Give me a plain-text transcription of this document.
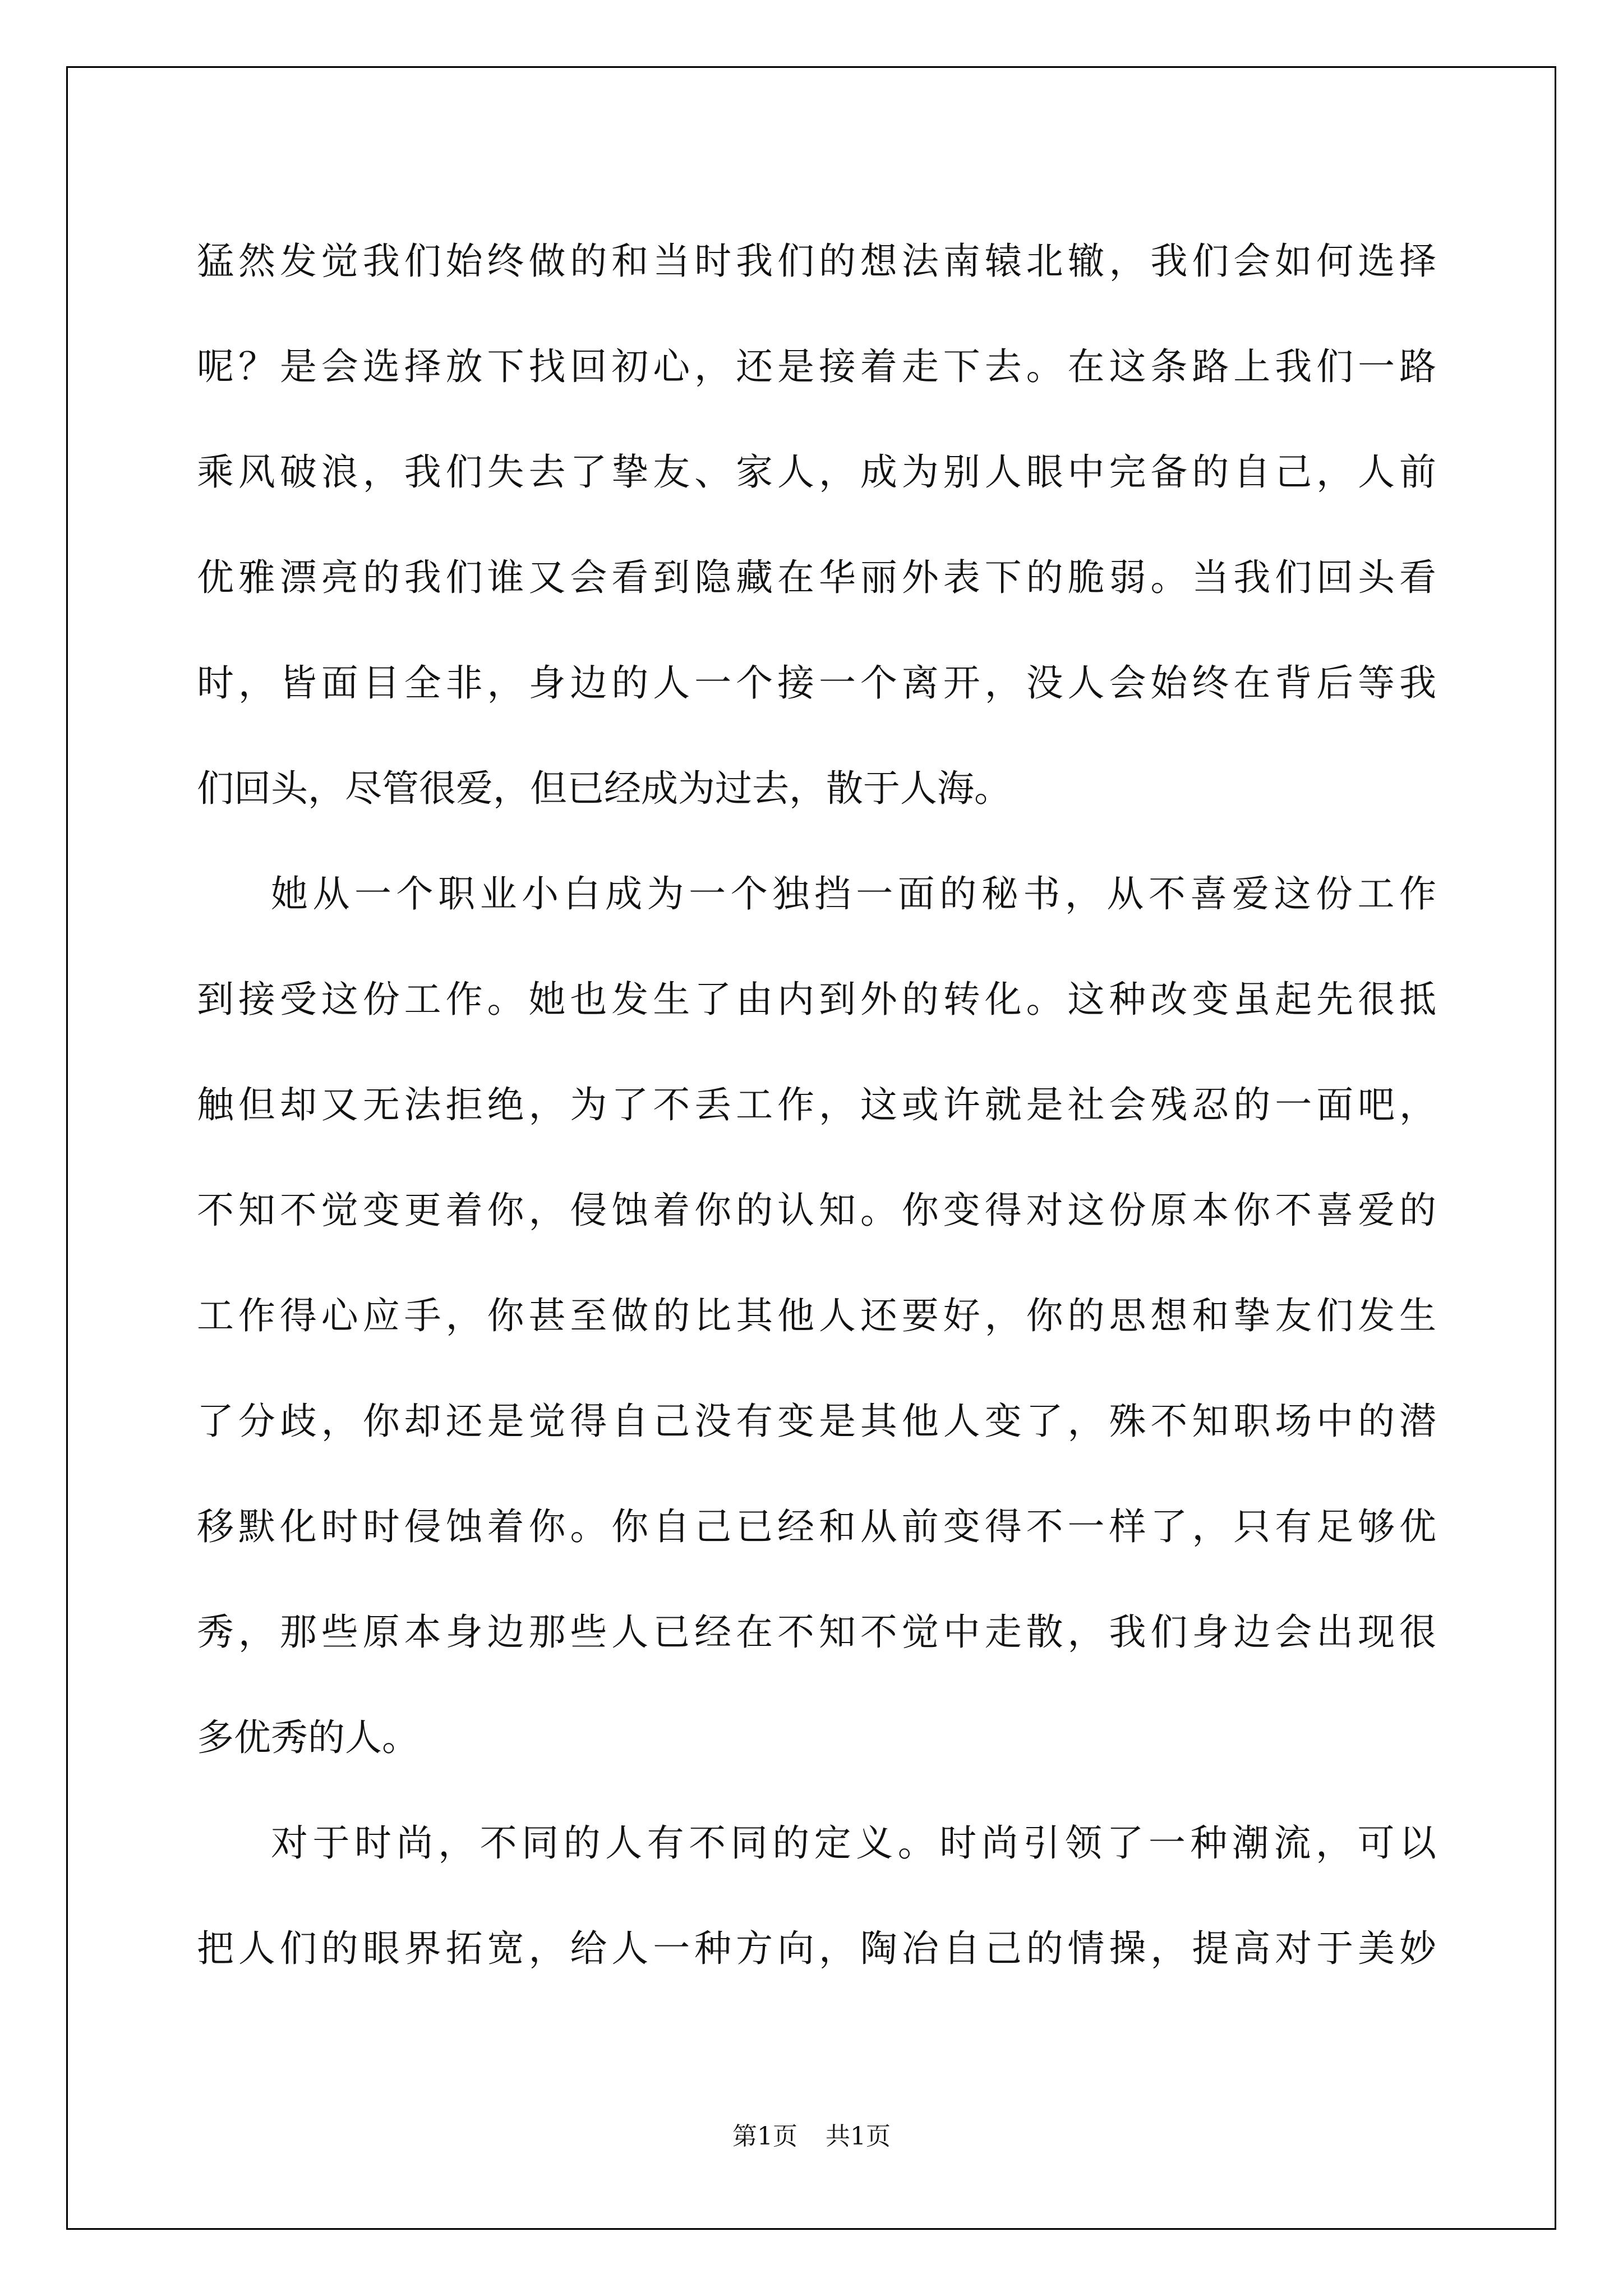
猛然发觉我们始终做的和当时我们的想法南辕北辙，我们会如何选择
呢？是会选择放下找回初心，还是接着走下去。在这条路上我们一路
乘风破浪，我们失去了挚友、家人，成为别人眼中完备的自己，人前
优雅漂亮的我们谁又会看到隐藏在华丽外表下的脆弱。当我们回头看
时，皆面目全非，身边的人一个接一个离开，没人会始终在背后等我
们回头，尽管很爱，但已经成为过去，散于人海。
她从一个职业小白成为一个独挡一面的秘书，从不喜爱这份工作
到接受这份工作。她也发生了由内到外的转化。这种改变虽起先很抵
触但却又无法拒绝，为了不丢工作，这或许就是社会残忍的一面吧，
不知不觉变更着你，侵蚀着你的认知。你变得对这份原本你不喜爱的
工作得心应手，你甚至做的比其他人还要好，你的思想和挚友们发生
了分歧，你却还是觉得自己没有变是其他人变了，殊不知职场中的潜
移默化时时侵蚀着你。你自己已经和从前变得不一样了，只有足够优
秀，那些原本身边那些人已经在不知不觉中走散，我们身边会出现很
多优秀的人。
对于时尚，不同的人有不同的定义。时尚引领了一种潮流，可以
把人们的眼界拓宽，给人一种方向，陶冶自己的情操，提高对于美妙
第1页 共1页
